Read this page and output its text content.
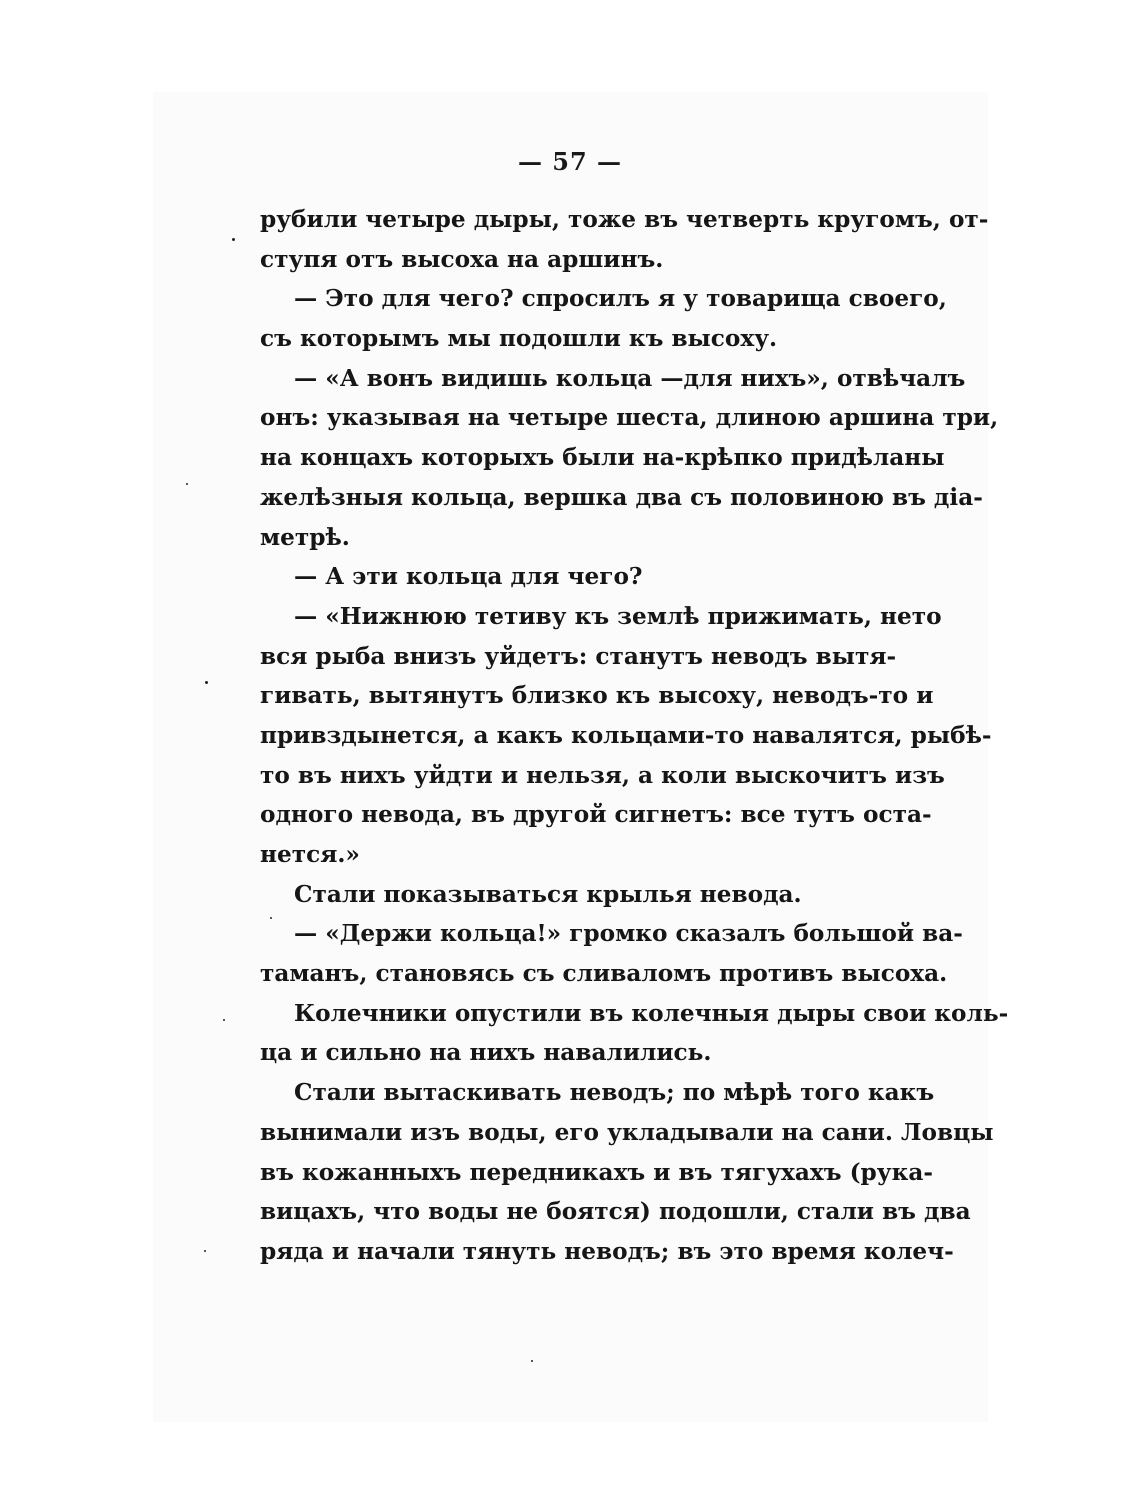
— 57 —
рубили четыре дыры, тоже въ четверть кругомъ, от-
ступя отъ высоха на аршинъ.
— Это для чего? спросилъ я у товарища своего,
съ которымъ мы подошли къ высоху.
— «А вонъ видишь кольца —для нихъ», отвѣчалъ
онъ: указывая на четыре шеста, длиною аршина три,
на концахъ которыхъ были на-крѣпко придѣланы
желѣзныя кольца, вершка два съ половиною въ діа-
метрѣ.
— А эти кольца для чего?
— «Нижнюю тетиву къ землѣ прижимать, нето
вся рыба внизъ уйдетъ: станутъ неводъ вытя-
гивать, вытянутъ близко къ высоху, неводъ-то и
привздынется, а какъ кольцами-то навалятся, рыбѣ-
то въ нихъ уйдти и нельзя, а коли выскочитъ изъ
одного невода, въ другой сигнетъ: все тутъ оста-
нется.»
Стали показываться крылья невода.
— «Держи кольца!» громко сказалъ большой ва-
таманъ, становясь съ сливаломъ противъ высоха.
Колечники опустили въ колечныя дыры свои коль-
ца и сильно на нихъ навалились.
Стали вытаскивать неводъ; по мѣрѣ того какъ
вынимали изъ воды, его укладывали на сани. Ловцы
въ кожанныхъ передникахъ и въ тягухахъ (рука-
вицахъ, что воды не боятся) подошли, стали въ два
ряда и начали тянуть неводъ; въ это время колеч-
